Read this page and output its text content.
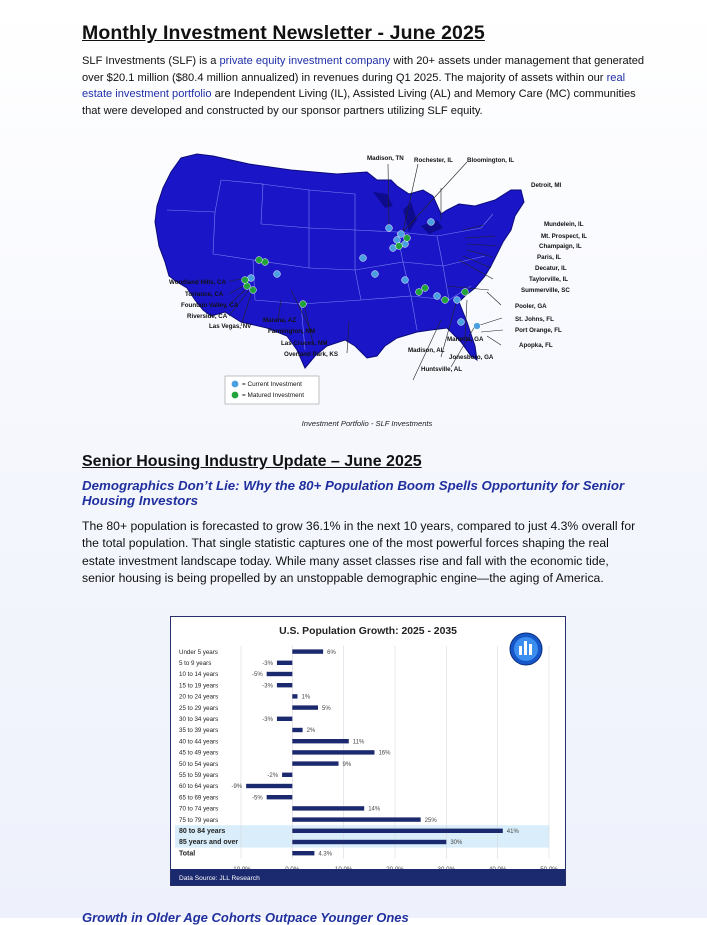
Monthly Investment Newsletter - June 2025

SLF Investments (SLF) is a private equity investment company with 20+ assets under management that generated over $20.1 million ($80.4 million annualized) in revenues during Q1 2025. The majority of assets within our real estate investment portfolio are Independent Living (IL), Assisted Living (AL) and Memory Care (MC) communities that were developed and constructed by our sponsor partners utilizing SLF equity.

Madison, TN Rochester, IL Bloomington, IL
Detroit, MI
Mundelein, IL
Mt. Prospect, IL
Champaign, IL
Paris, IL
Decatur, IL
Taylorville, IL
Summerville, SC
Pooler, GA
St. Johns, FL
Port Orange, FL
Apopka, FL
Woodland Hills, CA
Torrance, CA
Fountain Valley, CA
Riverside, CA
Las Vegas, NV
Marana, AZ
Farmington, NM
Las Cruces, NM
Overland Park, KS
Huntsville, AL
Madison, AL
Marietta, GA
Jonesboro, GA
= Current Investment
= Matured Investment
Investment Portfolio - SLF Investments
Senior Housing Industry Update – June 2025
Demographics Don’t Lie: Why the 80+ Population Boom Spells Opportunity for Senior Housing Investors

The 80+ population is forecasted to grow 36.1% in the next 10 years, compared to just 4.3% overall for the total population. That single statistic captures one of the most powerful forces shaping the real estate investment landscape today. While many asset classes rise and fall with the economic tide, senior housing is being propelled by an unstoppable demographic engine—the aging of America.

U.S. Population Growth: 2025 - 2035
Under 5 years	6%
5 to 9 years	-3%
10 to 14 years	-5%
15 to 19 years	-3%
20 to 24 years	1%
25 to 29 years	5%
30 to 34 years	-3%
35 to 39 years	2%
40 to 44 years	11%
45 to 49 years	16%
50 to 54 years	9%
55 to 59 years	-2%
60 to 64 years -9%
65 to 69 years	-5%
70 to 74 years	14%
75 to 79 years	25%
80 to 84 years	41%
85 years and over	30%
Total	4.3%
Data Source: JLL Research

Growth in Older Age Cohorts Outpace Younger Ones
